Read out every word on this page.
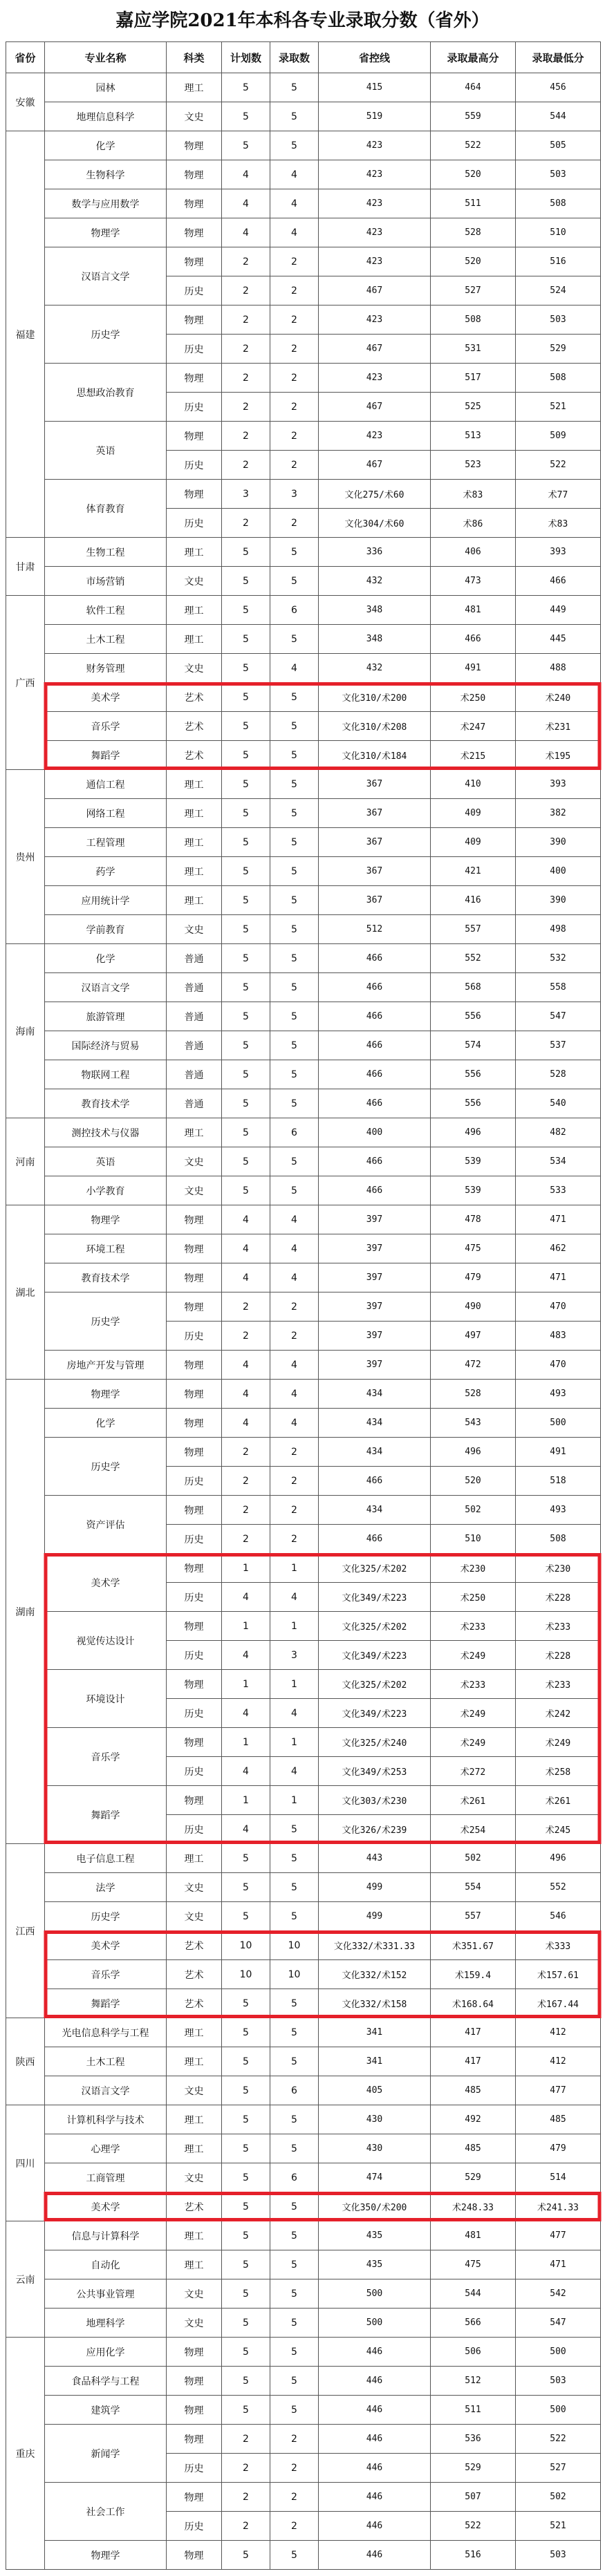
嘉应学院2021年本科各专业录取分数（省外）
省份	专业名称	科类	计划数	录取数	省控线	录取最高分	录取最低分
安徽	园林	理工	5	5	415	464	456
	地理信息科学	文史	5	5	519	559	544
福建	化学	物理	5	5	423	522	505
	生物科学	物理	4	4	423	520	503
	数学与应用数学	物理	4	4	423	511	508
	物理学	物理	4	4	423	528	510
	汉语言文学	物理	2	2	423	520	516
		历史	2	2	467	527	524
	历史学	物理	2	2	423	508	503
		历史	2	2	467	531	529
	思想政治教育	物理	2	2	423	517	508
		历史	2	2	467	525	521
	英语	物理	2	2	423	513	509
		历史	2	2	467	523	522
	体育教育	物理	3	3	文化275/术60	术83	术77
		历史	2	2	文化304/术60	术86	术83
甘肃	生物工程	理工	5	5	336	406	393
	市场营销	文史	5	5	432	473	466
广西	软件工程	理工	5	6	348	481	449
	土木工程	理工	5	5	348	466	445
	财务管理	文史	5	4	432	491	488
	美术学	艺术	5	5	文化310/术200	术250	术240
	音乐学	艺术	5	5	文化310/术208	术247	术231
	舞蹈学	艺术	5	5	文化310/术184	术215	术195
贵州	通信工程	理工	5	5	367	410	393
	网络工程	理工	5	5	367	409	382
	工程管理	理工	5	5	367	409	390
	药学	理工	5	5	367	421	400
	应用统计学	理工	5	5	367	416	390
	学前教育	文史	5	5	512	557	498
海南	化学	普通	5	5	466	552	532
	汉语言文学	普通	5	5	466	568	558
	旅游管理	普通	5	5	466	556	547
	国际经济与贸易	普通	5	5	466	574	537
	物联网工程	普通	5	5	466	556	528
	教育技术学	普通	5	5	466	556	540
河南	测控技术与仪器	理工	5	6	400	496	482
	英语	文史	5	5	466	539	534
	小学教育	文史	5	5	466	539	533
湖北	物理学	物理	4	4	397	478	471
	环境工程	物理	4	4	397	475	462
	教育技术学	物理	4	4	397	479	471
	历史学	物理	2	2	397	490	470
		历史	2	2	397	497	483
	房地产开发与管理	物理	4	4	397	472	470
湖南	物理学	物理	4	4	434	528	493
	化学	物理	4	4	434	543	500
	历史学	物理	2	2	434	496	491
		历史	2	2	466	520	518
	资产评估	物理	2	2	434	502	493
		历史	2	2	466	510	508
	美术学	物理	1	1	文化325/术202	术230	术230
		历史	4	4	文化349/术223	术250	术228
	视觉传达设计	物理	1	1	文化325/术202	术233	术233
		历史	4	3	文化349/术223	术249	术228
	环境设计	物理	1	1	文化325/术202	术233	术233
		历史	4	4	文化349/术223	术249	术242
	音乐学	物理	1	1	文化325/术240	术249	术249
		历史	4	4	文化349/术253	术272	术258
	舞蹈学	物理	1	1	文化303/术230	术261	术261
		历史	4	5	文化326/术239	术254	术245
江西	电子信息工程	理工	5	5	443	502	496
	法学	文史	5	5	499	554	552
	历史学	文史	5	5	499	557	546
	美术学	艺术	10	10	文化332/术331.33	术351.67	术333
	音乐学	艺术	10	10	文化332/术152	术159.4	术157.61
	舞蹈学	艺术	5	5	文化332/术158	术168.64	术167.44
陕西	光电信息科学与工程	理工	5	5	341	417	412
	土木工程	理工	5	5	341	417	412
	汉语言文学	文史	5	6	405	485	477
四川	计算机科学与技术	理工	5	5	430	492	485
	心理学	理工	5	5	430	485	479
	工商管理	文史	5	6	474	529	514
	美术学	艺术	5	5	文化350/术200	术248.33	术241.33
云南	信息与计算科学	理工	5	5	435	481	477
	自动化	理工	5	5	435	475	471
	公共事业管理	文史	5	5	500	544	542
	地理科学	文史	5	5	500	566	547
重庆	应用化学	物理	5	5	446	506	500
	食品科学与工程	物理	5	5	446	512	503
	建筑学	物理	5	5	446	511	500
	新闻学	物理	2	2	446	536	522
		历史	2	2	446	529	527
	社会工作	物理	2	2	446	507	502
		历史	2	2	446	522	521
	物理学	物理	5	5	446	516	503
